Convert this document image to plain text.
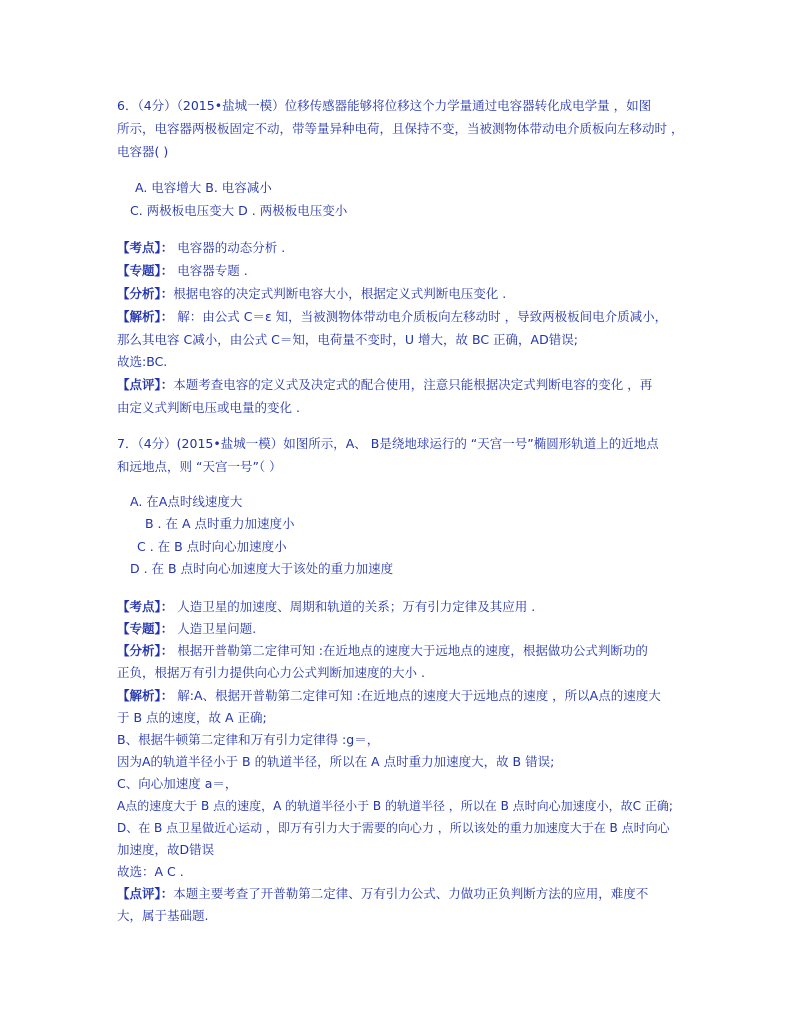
6．（4分）（2015•盐城一模）位移传感器能够将位移这个力学量通过电容器转化成电学量 ，如图
所示，电容器两极板固定不动，带等量异种电荷，且保持不变，当被测物体带动电介质板向左移动时 ，
电容器( )
A. 电容增大 B. 电容减小
C. 两极板电压变大 D . 两极板电压变小
【考点】： 电容器的动态分析 .
【专题】： 电容器专题 .
【分析】：根据电容的决定式判断电容大小，根据定义式判断电压变化 .
【解析】： 解：由公式 C＝ε 知，当被测物体带动电介质板向左移动时 ，导致两极板间电介质减小，
那么其电容 C减小，由公式 C＝知，电荷量不变时，U 增大，故 BC 正确，AD错误;
故选:BC.
【点评】：本题考查电容的定义式及决定式的配合使用，注意只能根据决定式判断电容的变化 ，再
由定义式判断电压或电量的变化 .
7．（4分）(2015•盐城一模）如图所示，A、 B是绕地球运行的 “天宫一号”椭圆形轨道上的近地点
和远地点，则 “天宫一号”（ ）
A. 在A点时线速度大
B . 在 A 点时重力加速度小
C . 在 B 点时向心加速度小
D . 在 B 点时向心加速度大于该处的重力加速度
【考点】： 人造卫星的加速度、周期和轨道的关系；万有引力定律及其应用 .
【专题】： 人造卫星问题.
【分析】： 根据开普勒第二定律可知 :在近地点的速度大于远地点的速度，根据做功公式判断功的
正负，根据万有引力提供向心力公式判断加速度的大小 .
【解析】： 解:A、根据开普勒第二定律可知 :在近地点的速度大于远地点的速度 ，所以A点的速度大
于 B 点的速度，故 A 正确;
B、根据牛顿第二定律和万有引力定律得 :g＝，
因为A的轨道半径小于 B 的轨道半径，所以在 A 点时重力加速度大，故 B 错误;
C、向心加速度 a＝，
A点的速度大于 B 点的速度，A 的轨道半径小于 B 的轨道半径 ，所以在 B 点时向心加速度小，故C 正确;
D、在 B 点卫星做近心运动 ，即万有引力大于需要的向心力 ，所以该处的重力加速度大于在 B 点时向心
加速度，故D错误
故选：A C .
【点评】：本题主要考查了开普勒第二定律、万有引力公式、力做功正负判断方法的应用，难度不
大，属于基础题.
